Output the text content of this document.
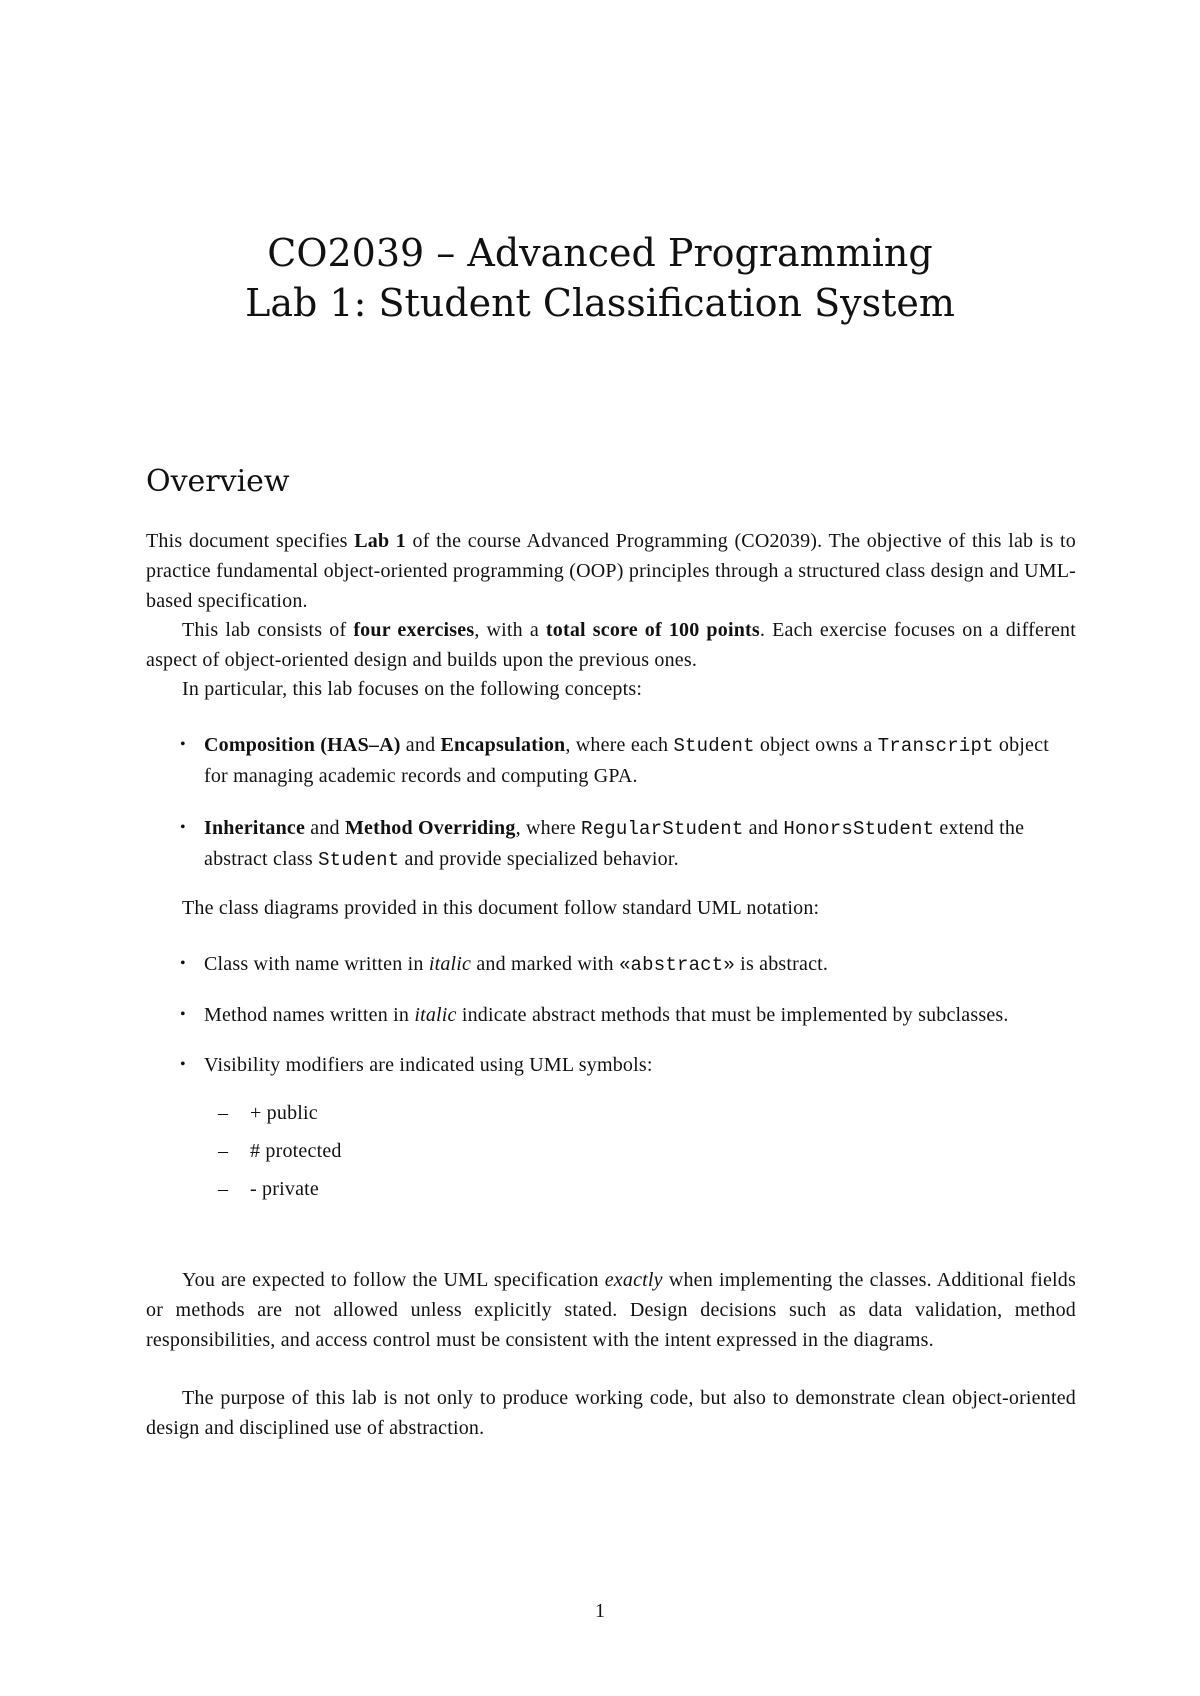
CO2039 – Advanced Programming
Lab 1: Student Classification System
Overview

This document specifies Lab 1 of the course Advanced Programming (CO2039). The objective of this lab is to practice fundamental object-oriented programming (OOP) principles through a structured class design and UML-based specification.

This lab consists of four exercises, with a total score of 100 points. Each exercise focuses on a different aspect of object-oriented design and builds upon the previous ones.

In particular, this lab focuses on the following concepts:

• Composition (HAS–A) and Encapsulation, where each Student object owns a Transcript object for managing academic records and computing GPA.
• Inheritance and Method Overriding, where RegularStudent and HonorsStudent extend the abstract class Student and provide specialized behavior.

The class diagrams provided in this document follow standard UML notation:

• Class with name written in italic and marked with «abstract» is abstract.
• Method names written in italic indicate abstract methods that must be implemented by subclasses.
• Visibility modifiers are indicated using UML symbols:
– + public
– # protected
– - private

You are expected to follow the UML specification exactly when implementing the classes. Additional fields or methods are not allowed unless explicitly stated. Design decisions such as data validation, method responsibilities, and access control must be consistent with the intent expressed in the diagrams.

The purpose of this lab is not only to produce working code, but also to demonstrate clean object-oriented design and disciplined use of abstraction.

1
